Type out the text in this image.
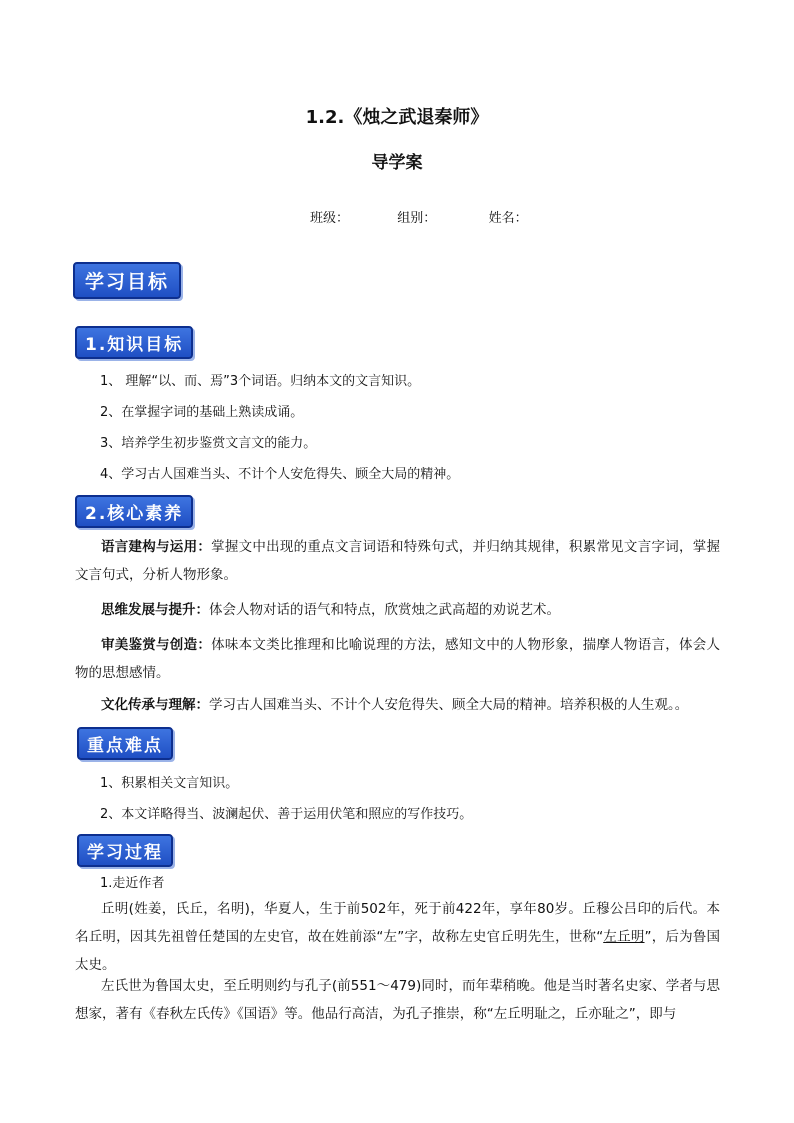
1.2.《烛之武退秦师》
导学案
班级：	组别：	姓名：
学习目标
1.知识目标
1、 理解“以、而、焉”3个词语。归纳本文的文言知识。
2、在掌握字词的基础上熟读成诵。
3、培养学生初步鉴赏文言文的能力。
4、学习古人国难当头、不计个人安危得失、顾全大局的精神。
2.核心素养
语言建构与运用：掌握文中出现的重点文言词语和特殊句式，并归纳其规律，积累常见文言字词，掌握文言句式，分析人物形象。
思维发展与提升：体会人物对话的语气和特点，欣赏烛之武高超的劝说艺术。
审美鉴赏与创造：体味本文类比推理和比喻说理的方法，感知文中的人物形象，揣摩人物语言，体会人物的思想感情。
文化传承与理解：学习古人国难当头、不计个人安危得失、顾全大局的精神。培养积极的人生观。。
重点难点
1、积累相关文言知识。
2、本文详略得当、波澜起伏、善于运用伏笔和照应的写作技巧。
学习过程
1.走近作者
丘明(姓姜，氏丘，名明)，华夏人，生于前502年，死于前422年，享年80岁。丘穆公吕印的后代。本名丘明，因其先祖曾任楚国的左史官，故在姓前添“左”字，故称左史官丘明先生，世称“左丘明”，后为鲁国太史。
左氏世为鲁国太史，至丘明则约与孔子(前551～479)同时，而年辈稍晚。他是当时著名史家、学者与思想家，著有《春秋左氏传》《国语》等。他品行高洁，为孔子推崇，称“左丘明耻之，丘亦耻之”，即与
